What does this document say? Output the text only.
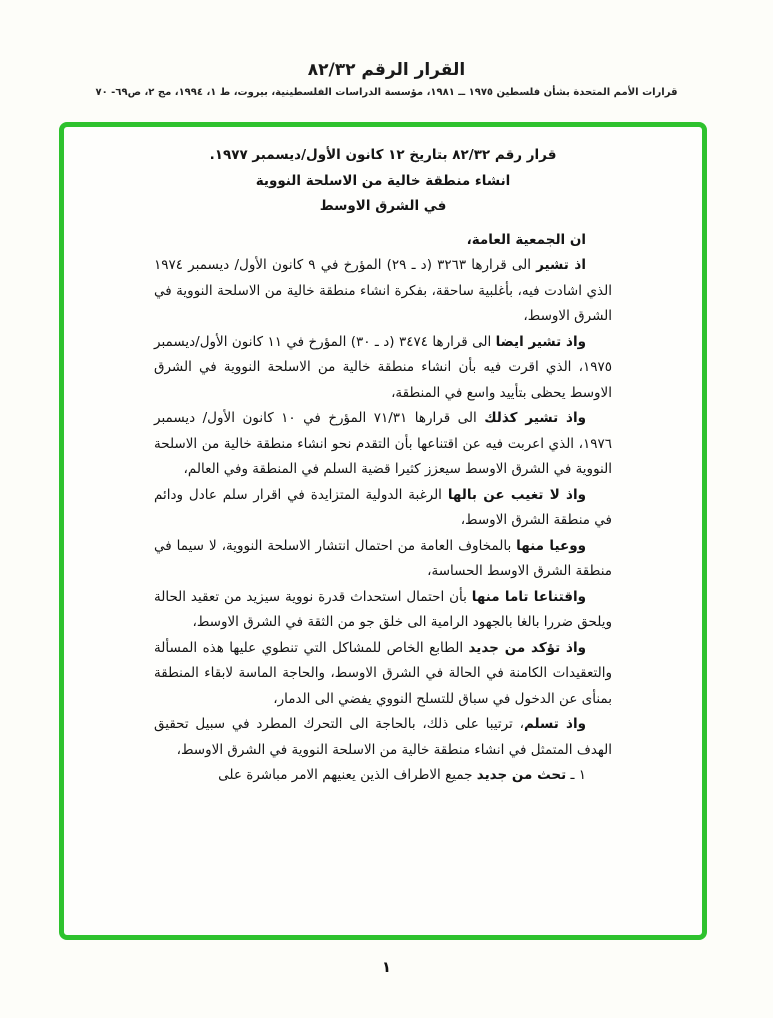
القرار الرقم ٨٢/٣٢
قرارات الأمم المتحدة بشأن فلسطين ١٩٧٥ ــ ١٩٨١، مؤسسة الدراسات الفلسطينية، بيروت، ط ١، ١٩٩٤، مج ٢، ص٦٩- ٧٠
قرار رقم ٨٢/٣٢ بتاريخ ١٢ كانون الأول/ديسمبر ١٩٧٧.
انشاء منطقة خالية من الاسلحة النووية
في الشرق الاوسط
ان الجمعية العامة،
اذ تشير الى قرارها ٣٢٦٣ (د ـ ٢٩) المؤرخ في ٩ كانون الأول/ ديسمبر ١٩٧٤ الذي اشادت فيه، بأغلبية ساحقة، بفكرة انشاء منطقة خالية من الاسلحة النووية في الشرق الاوسط،
واذ تشير ايضا الى قرارها ٣٤٧٤ (د ـ ٣٠) المؤرخ في ١١ كانون الأول/ديسمبر ١٩٧٥، الذي اقرت فيه بأن انشاء منطقة خالية من الاسلحة النووية في الشرق الاوسط يحظى بتأييد واسع في المنطقة،
واذ تشير كذلك الى قرارها ٧١/٣١ المؤرخ في ١٠ كانون الأول/ ديسمبر ١٩٧٦، الذي اعربت فيه عن اقتناعها بأن التقدم نحو انشاء منطقة خالية من الاسلحة النووية في الشرق الاوسط سيعزز كثيرا قضية السلم في المنطقة وفي العالم،
واذ لا تغيب عن بالها الرغبة الدولية المتزايدة في اقرار سلم عادل ودائم في منطقة الشرق الاوسط،
ووعيا منها بالمخاوف العامة من احتمال انتشار الاسلحة النووية، لا سيما في منطقة الشرق الاوسط الحساسة،
واقتناعا تاما منها بأن احتمال استحداث قدرة نووية سيزيد من تعقيد الحالة ويلحق ضررا بالغا بالجهود الرامية الى خلق جو من الثقة في الشرق الاوسط،
واذ تؤكد من جديد الطابع الخاص للمشاكل التي تنطوي عليها هذه المسألة والتعقيدات الكامنة في الحالة في الشرق الاوسط، والحاجة الماسة لابقاء المنطقة بمنأى عن الدخول في سباق للتسلح النووي يفضي الى الدمار،
واذ تسلم، ترتيبا على ذلك، بالحاجة الى التحرك المطرد في سبيل تحقيق الهدف المتمثل في انشاء منطقة خالية من الاسلحة النووية في الشرق الاوسط،
١ ـ تحث من جديد جميع الاطراف الذين يعنيهم الامر مباشرة على
١
